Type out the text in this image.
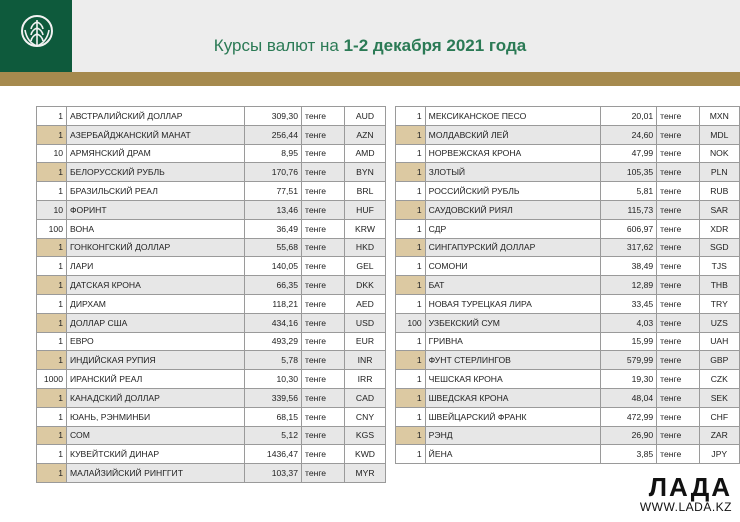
Курсы валют на 1-2 декабря 2021 года
1	АВСТРАЛИЙСКИЙ ДОЛЛАР	309,30	тенге	AUD
1	АЗЕРБАЙДЖАНСКИЙ МАНАТ	256,44	тенге	AZN
10	АРМЯНСКИЙ ДРАМ	8,95	тенге	AMD
1	БЕЛОРУССКИЙ РУБЛЬ	170,76	тенге	BYN
1	БРАЗИЛЬСКИЙ РЕАЛ	77,51	тенге	BRL
10	ФОРИНТ	13,46	тенге	HUF
100	ВОНА	36,49	тенге	KRW
1	ГОНКОНГСКИЙ ДОЛЛАР	55,68	тенге	HKD
1	ЛАРИ	140,05	тенге	GEL
1	ДАТСКАЯ КРОНА	66,35	тенге	DKK
1	ДИРХАМ	118,21	тенге	AED
1	ДОЛЛАР США	434,16	тенге	USD
1	ЕВРО	493,29	тенге	EUR
1	ИНДИЙСКАЯ РУПИЯ	5,78	тенге	INR
1000	ИРАНСКИЙ РЕАЛ	10,30	тенге	IRR
1	КАНАДСКИЙ ДОЛЛАР	339,56	тенге	CAD
1	ЮАНЬ, РЭНМИНБИ	68,15	тенге	CNY
1	СОМ	5,12	тенге	KGS
1	КУВЕЙТСКИЙ ДИНАР	1436,47	тенге	KWD
1	МАЛАЙЗИЙСКИЙ РИНГГИТ	103,37	тенге	MYR
1	МЕКСИКАНСКОЕ ПЕСО	20,01	тенге	MXN
1	МОЛДАВСКИЙ ЛЕЙ	24,60	тенге	MDL
1	НОРВЕЖСКАЯ КРОНА	47,99	тенге	NOK
1	ЗЛОТЫЙ	105,35	тенге	PLN
1	РОССИЙСКИЙ РУБЛЬ	5,81	тенге	RUB
1	САУДОВСКИЙ РИЯЛ	115,73	тенге	SAR
1	СДР	606,97	тенге	XDR
1	СИНГАПУРСКИЙ ДОЛЛАР	317,62	тенге	SGD
1	СОМОНИ	38,49	тенге	TJS
1	БАТ	12,89	тенге	THB
1	НОВАЯ ТУРЕЦКАЯ ЛИРА	33,45	тенге	TRY
100	УЗБЕКСКИЙ СУМ	4,03	тенге	UZS
1	ГРИВНА	15,99	тенге	UAH
1	ФУНТ СТЕРЛИНГОВ	579,99	тенге	GBP
1	ЧЕШСКАЯ КРОНА	19,30	тенге	CZK
1	ШВЕДСКАЯ КРОНА	48,04	тенге	SEK
1	ШВЕЙЦАРСКИЙ ФРАНК	472,99	тенге	CHF
1	РЭНД	26,90	тенге	ZAR
1	ЙЕНА	3,85	тенге	JPY
ЛАДА
WWW.LADA.KZ
